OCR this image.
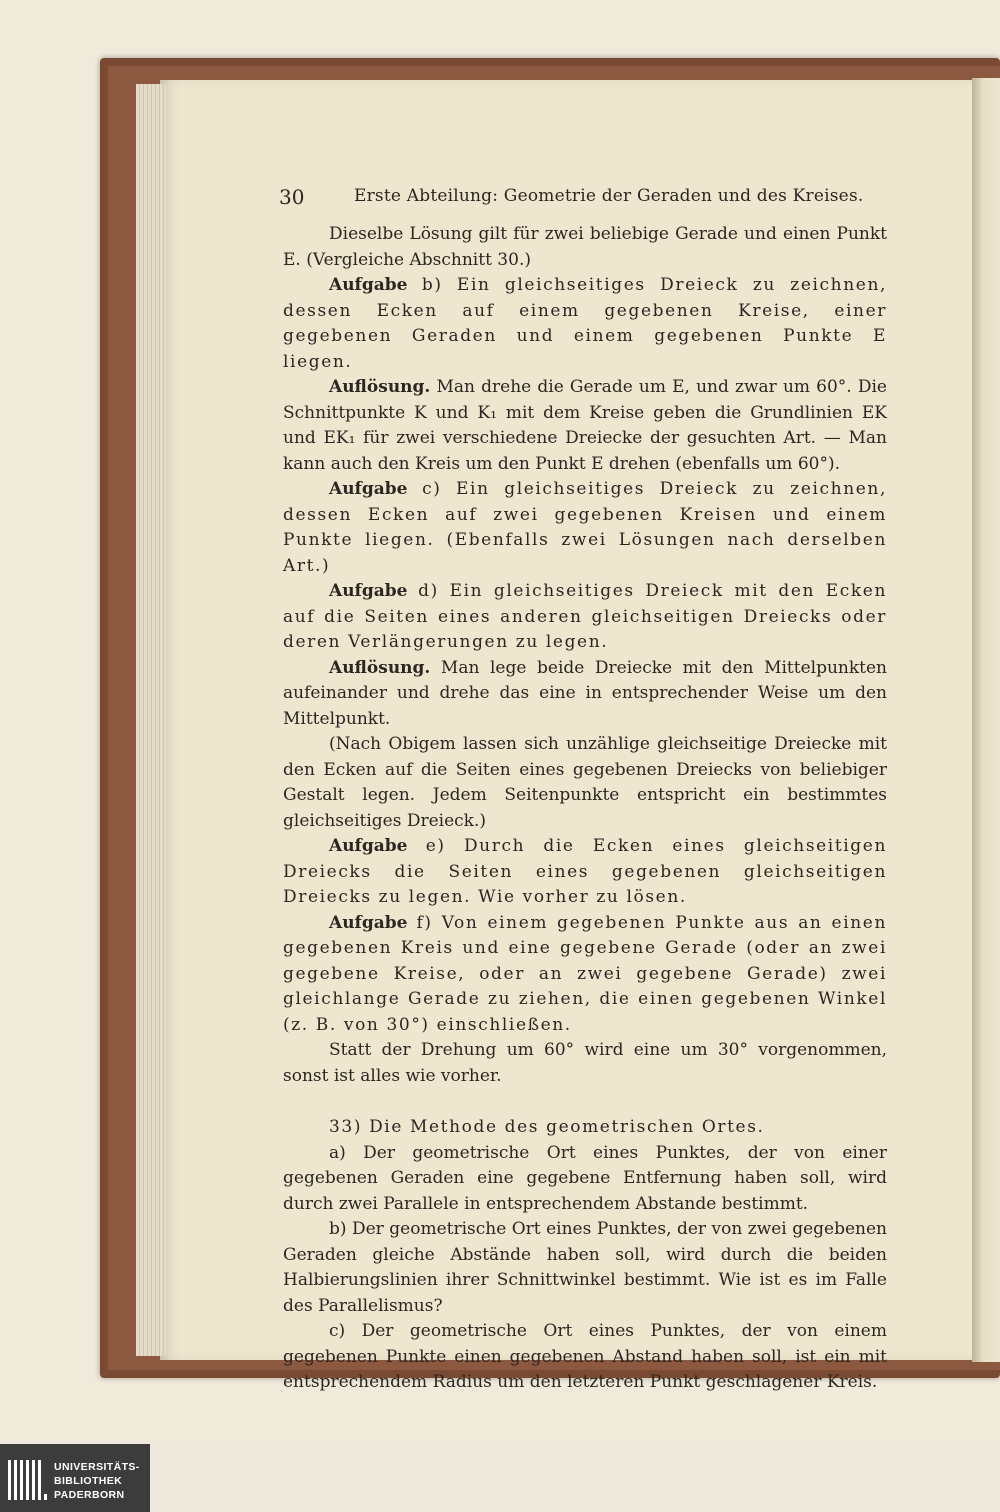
30	Erste Abteilung: Geometrie der Geraden und des Kreises.

Dieselbe Lösung gilt für zwei beliebige Gerade und einen Punkt E. (Vergleiche Abschnitt 30.)

Aufgabe b) Ein gleichseitiges Dreieck zu zeichnen, dessen Ecken auf einem gegebenen Kreise, einer gegebenen Geraden und einem gegebenen Punkte E liegen.

Auflösung. Man drehe die Gerade um E, und zwar um 60°. Die Schnittpunkte K und K₁ mit dem Kreise geben die Grundlinien EK und EK₁ für zwei verschiedene Dreiecke der gesuchten Art. — Man kann auch den Kreis um den Punkt E drehen (ebenfalls um 60°).

Aufgabe c) Ein gleichseitiges Dreieck zu zeichnen, dessen Ecken auf zwei gegebenen Kreisen und einem Punkte liegen. (Ebenfalls zwei Lösungen nach derselben Art.)

Aufgabe d) Ein gleichseitiges Dreieck mit den Ecken auf die Seiten eines anderen gleichseitigen Dreiecks oder deren Verlängerungen zu legen.

Auflösung. Man lege beide Dreiecke mit den Mittelpunkten aufeinander und drehe das eine in entsprechender Weise um den Mittelpunkt.

(Nach Obigem lassen sich unzählige gleichseitige Dreiecke mit den Ecken auf die Seiten eines gegebenen Dreiecks von beliebiger Gestalt legen. Jedem Seitenpunkte entspricht ein bestimmtes gleichseitiges Dreieck.)

Aufgabe e) Durch die Ecken eines gleichseitigen Dreiecks die Seiten eines gegebenen gleichseitigen Dreiecks zu legen. Wie vorher zu lösen.

Aufgabe f) Von einem gegebenen Punkte aus an einen gegebenen Kreis und eine gegebene Gerade (oder an zwei gegebene Kreise, oder an zwei gegebene Gerade) zwei gleichlange Gerade zu ziehen, die einen gegebenen Winkel (z. B. von 30°) einschließen.

Statt der Drehung um 60° wird eine um 30° vorgenommen, sonst ist alles wie vorher.

33) Die Methode des geometrischen Ortes.

a) Der geometrische Ort eines Punktes, der von einer gegebenen Geraden eine gegebene Entfernung haben soll, wird durch zwei Parallele in entsprechendem Abstande bestimmt.

b) Der geometrische Ort eines Punktes, der von zwei gegebenen Geraden gleiche Abstände haben soll, wird durch die beiden Halbierungslinien ihrer Schnittwinkel bestimmt. Wie ist es im Falle des Parallelismus?

c) Der geometrische Ort eines Punktes, der von einem gegebenen Punkte einen gegebenen Abstand haben soll, ist ein mit entsprechendem Radius um den letzteren Punkt geschlagener Kreis.

UNIVERSITÄTS-
BIBLIOTHEK
PADERBORN
